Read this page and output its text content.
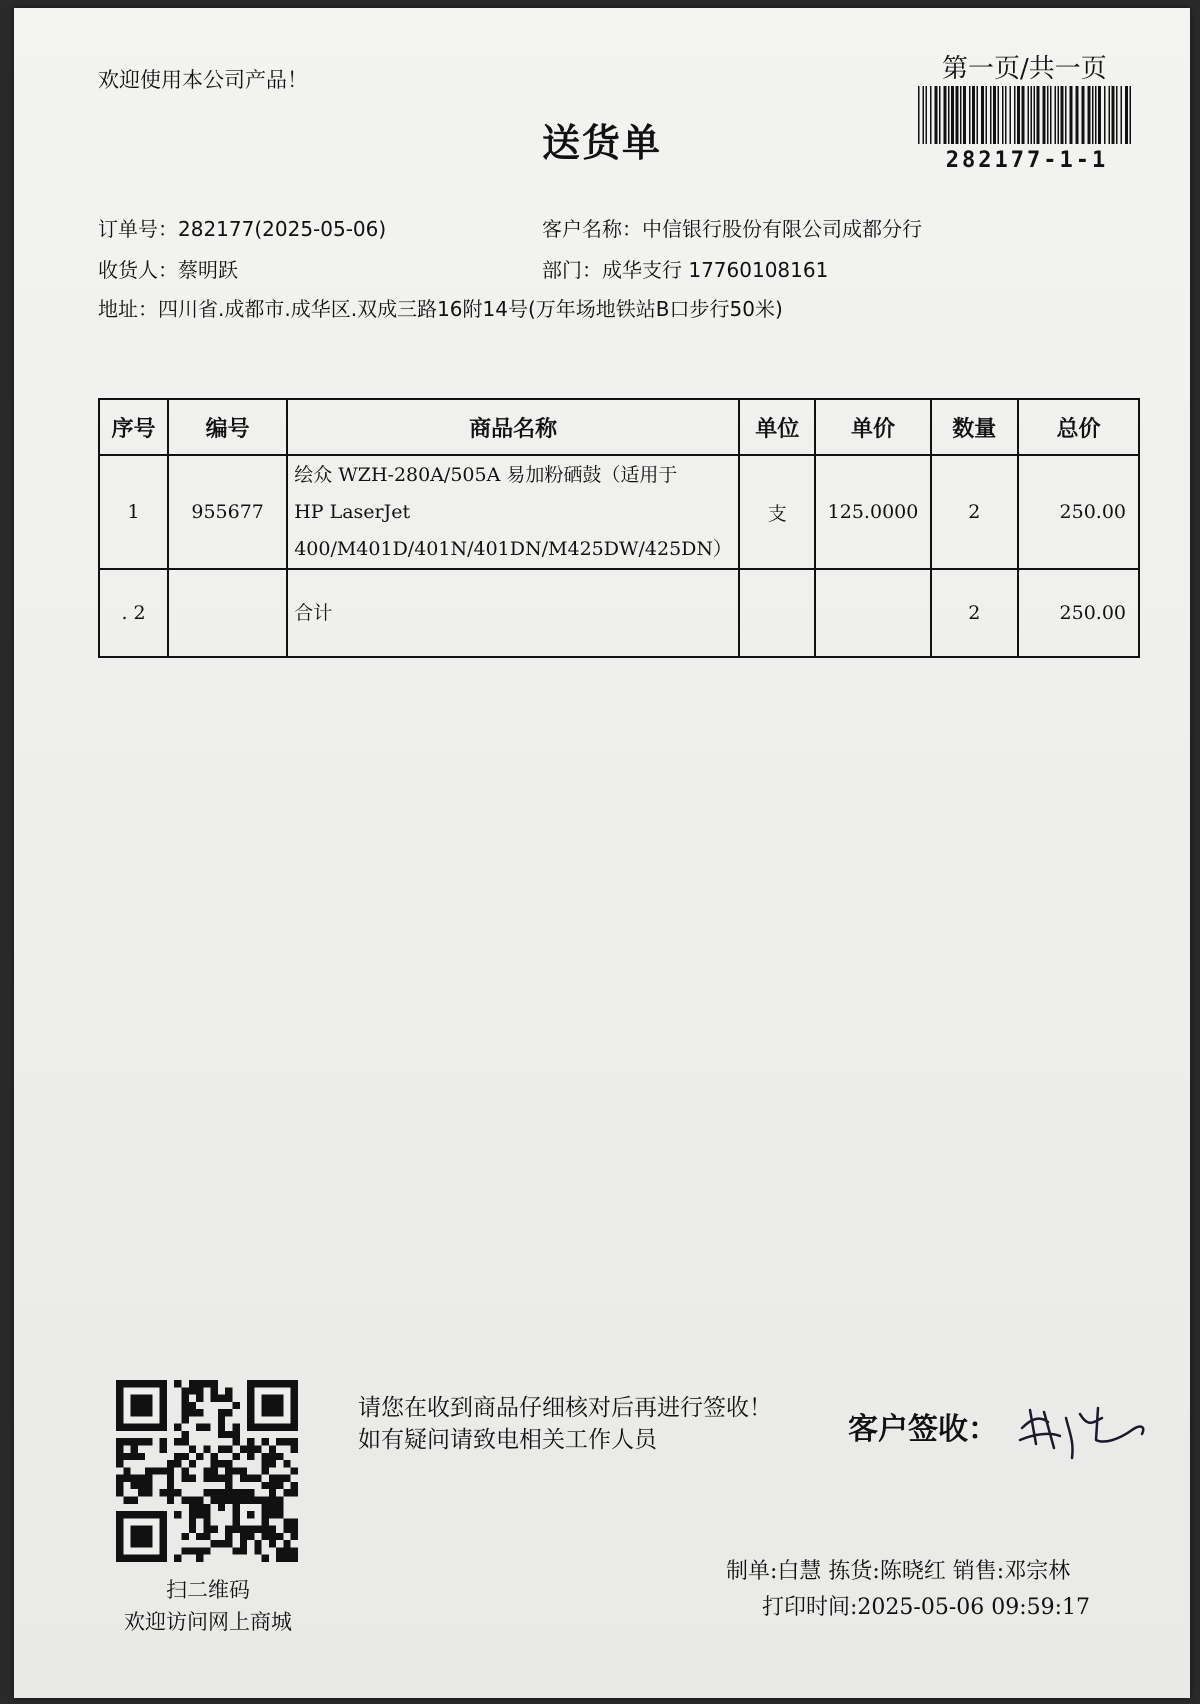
欢迎使用本公司产品！	第一页/共一页
送货单	282177-1-1
订单号：282177(2025-05-06)	客户名称：中信银行股份有限公司成都分行
收货人：蔡明跃	部门：成华支行 17760108161
地址：四川省.成都市.成华区.双成三路16附14号(万年场地铁站B口步行50米)
序号	编号	商品名称	单位	单价	数量	总价
1	955677	绘众 WZH-280A/505A 易加粉硒鼓（适用于
HP LaserJet
400/M401D/401N/401DN/M425DW/425DN）	支	125.0000	2	250.00
. 2		合计			2	250.00
扫二维码
欢迎访问网上商城
请您在收到商品仔细核对后再进行签收！如有疑问请致电相关工作人员	客户签收：
制单:白慧 拣货:陈晓红 销售:邓宗林
打印时间:2025-05-06 09:59:17
